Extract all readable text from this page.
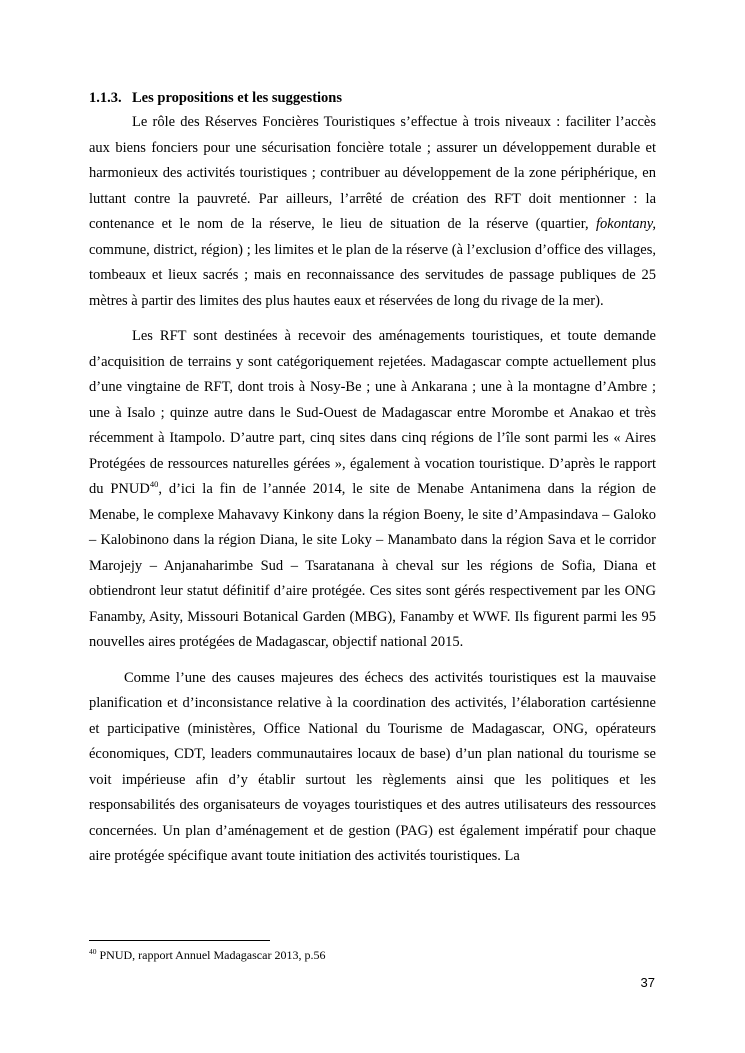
1.1.3. Les propositions et les suggestions

Le rôle des Réserves Foncières Touristiques s’effectue à trois niveaux : faciliter l’accès aux biens fonciers pour une sécurisation foncière totale ; assurer un développement durable et harmonieux des activités touristiques ; contribuer au développement de la zone périphérique, en luttant contre la pauvreté. Par ailleurs, l’arrêté de création des RFT doit mentionner : la contenance et le nom de la réserve, le lieu de situation de la réserve (quartier, fokontany, commune, district, région) ; les limites et le plan de la réserve (à l’exclusion d’office des villages, tombeaux et lieux sacrés ; mais en reconnaissance des servitudes de passage publiques de 25 mètres à partir des limites des plus hautes eaux et réservées de long du rivage de la mer).

Les RFT sont destinées à recevoir des aménagements touristiques, et toute demande d’acquisition de terrains y sont catégoriquement rejetées. Madagascar compte actuellement plus d’une vingtaine de RFT, dont trois à Nosy-Be ; une à Ankarana ; une à la montagne d’Ambre ; une à Isalo ; quinze autre dans le Sud-Ouest de Madagascar entre Morombe et Anakao et très récemment à Itampolo. D’autre part, cinq sites dans cinq régions de l’île sont parmi les « Aires Protégées de ressources naturelles gérées », également à vocation touristique. D’après le rapport du PNUD$^{40}$, d’ici la fin de l’année 2014, le site de Menabe Antanimena dans la région de Menabe, le complexe Mahavavy Kinkony dans la région Boeny, le site d’Ampasindava – Galoko – Kalobinono dans la région Diana, le site Loky – Manambato dans la région Sava et le corridor Marojejy – Anjanaharimbe Sud – Tsaratanana à cheval sur les régions de Sofia, Diana et obtiendront leur statut définitif d’aire protégée. Ces sites sont gérés respectivement par les ONG Fanamby, Asity, Missouri Botanical Garden (MBG), Fanamby et WWF. Ils figurent parmi les 95 nouvelles aires protégées de Madagascar, objectif national 2015.

Comme l’une des causes majeures des échecs des activités touristiques est la mauvaise planification et d’inconsistance relative à la coordination des activités, l’élaboration cartésienne et participative (ministères, Office National du Tourisme de Madagascar, ONG, opérateurs économiques, CDT, leaders communautaires locaux de base) d’un plan national du tourisme se voit impérieuse afin d’y établir surtout les règlements ainsi que les politiques et les responsabilités des organisateurs de voyages touristiques et des autres utilisateurs des ressources concernées. Un plan d’aménagement et de gestion (PAG) est également impératif pour chaque aire protégée spécifique avant toute initiation des activités touristiques. La

$^{40}$ PNUD, rapport Annuel Madagascar 2013, p.56
37
